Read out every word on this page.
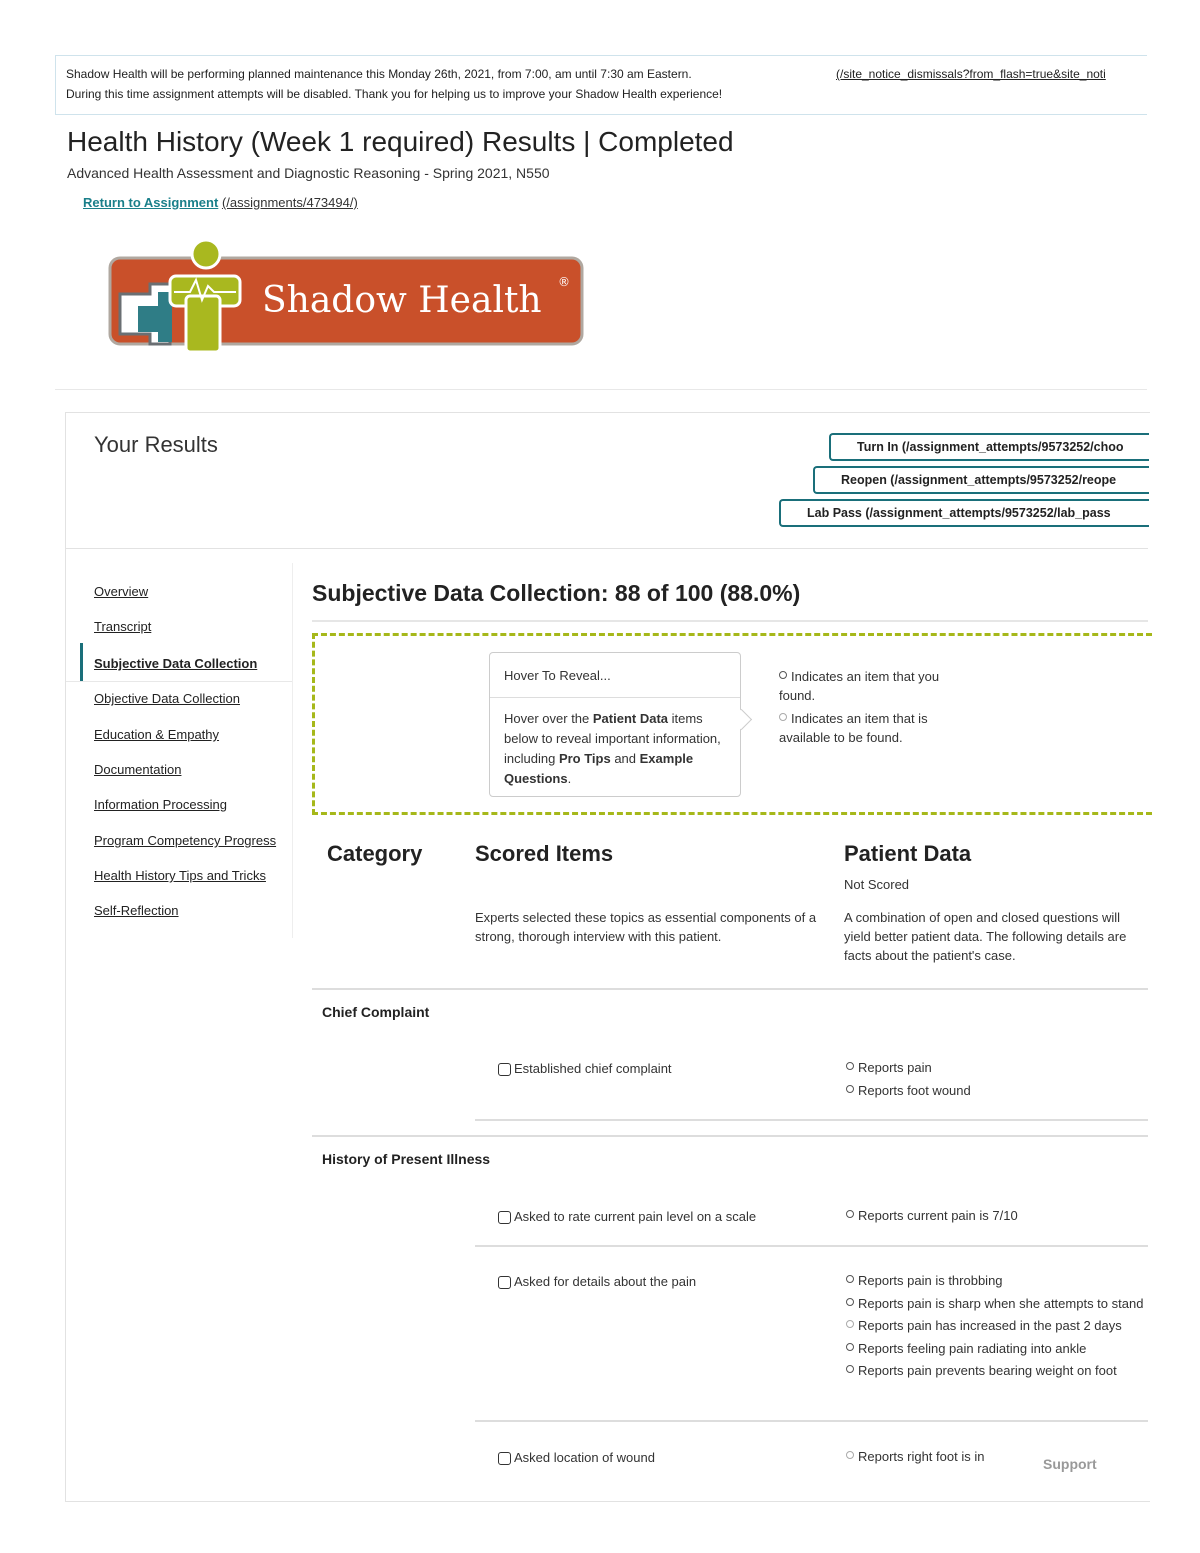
Shadow Health will be performing planned maintenance this Monday 26th, 2021, from 7:00, am until 7:30 am Eastern.
During this time assignment attempts will be disabled. Thank you for helping us to improve your Shadow Health experience!
(/site_notice_dismissals?from_flash=true&site_noti
Health History (Week 1 required) Results | Completed
Advanced Health Assessment and Diagnostic Reasoning - Spring 2021, N550
Return to Assignment (/assignments/473494/)
Shadow Health ®
Your Results	Turn In (/assignment_attempts/9573252/choo
Reopen (/assignment_attempts/9573252/reope
Lab Pass (/assignment_attempts/9573252/lab_pass
Overview
Transcript
Subjective Data Collection
Objective Data Collection
Education & Empathy
Documentation
Information Processing
Program Competency Progress
Health History Tips and Tricks
Self-Reflection
Subjective Data Collection: 88 of 100 (88.0%)
Hover To Reveal...
Hover over the Patient Data items below to reveal important information, including Pro Tips and Example Questions.
Indicates an item that you found.
Indicates an item that is available to be found.
Category Scored Items	Patient Data
Not Scored
Experts selected these topics as essential components of a strong, thorough interview with this patient.
A combination of open and closed questions will yield better patient data. The following details are facts about the patient's case.
Chief Complaint
Established chief complaint	Reports pain
Reports foot wound
History of Present Illness
Asked to rate current pain level on a scale	Reports current pain is 7/10
Asked for details about the pain	Reports pain is throbbing
Reports pain is sharp when she attempts to stand
Reports pain has increased in the past 2 days
Reports feeling pain radiating into ankle
Reports pain prevents bearing weight on foot
Asked location of wound	Reports right foot is in	Support
